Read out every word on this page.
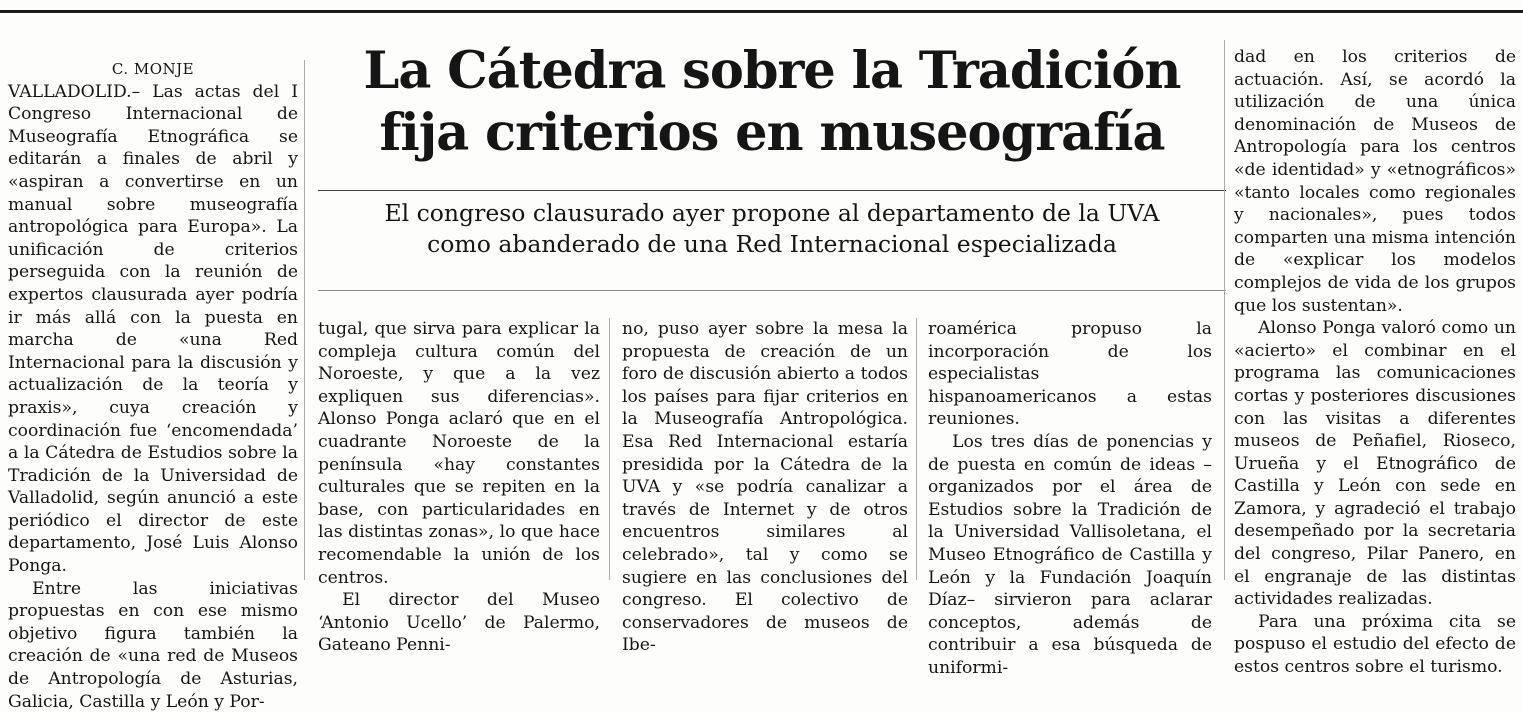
C. MONJE

VALLADOLID.– Las actas del I Congreso Internacional de Museografía Etnográfica se editarán a finales de abril y «aspiran a convertirse en un manual sobre museografía antropológica para Europa». La unificación de criterios perseguida con la reunión de expertos clausurada ayer podría ir más allá con la puesta en marcha de «una Red Internacional para la discusión y actualización de la teoría y praxis», cuya creación y coordinación fue ‘encomendada’ a la Cátedra de Estudios sobre la Tradición de la Universidad de Valladolid, según anunció a este periódico el director de este departamento, José Luis Alonso Ponga.

Entre las iniciativas propuestas en con ese mismo objetivo figura también la creación de «una red de Museos de Antropología de Asturias, Galicia, Castilla y León y Por-

La Cátedra sobre la Tradición
fija criterios en museografía
El congreso clausurado ayer propone al departamento de la UVA
como abanderado de una Red Internacional especializada

tugal, que sirva para explicar la compleja cultura común del Noroeste, y que a la vez expliquen sus diferencias». Alonso Ponga aclaró que en el cuadrante Noroeste de la península «hay constantes culturales que se repiten en la base, con particularidades en las distintas zonas», lo que hace recomendable la unión de los centros.

El director del Museo ‘Antonio Ucello’ de Palermo, Gateano Penni-

no, puso ayer sobre la mesa la propuesta de creación de un foro de discusión abierto a todos los países para fijar criterios en la Museografía Antropológica. Esa Red Internacional estaría presidida por la Cátedra de la UVA y «se podría canalizar a través de Internet y de otros encuentros similares al celebrado», tal y como se sugiere en las conclusiones del congreso. El colectivo de conservadores de museos de Ibe-

roamérica propuso la incorporación de los especialistas hispanoamericanos a estas reuniones.

Los tres días de ponencias y de puesta en común de ideas –organizados por el área de Estudios sobre la Tradición de la Universidad Vallisoletana, el Museo Etnográfico de Castilla y León y la Fundación Joaquín Díaz– sirvieron para aclarar conceptos, además de contribuir a esa búsqueda de uniformi-

dad en los criterios de actuación. Así, se acordó la utilización de una única denominación de Museos de Antropología para los centros «de identidad» y «etnográficos» «tanto locales como regionales y nacionales», pues todos comparten una misma intención de «explicar los modelos complejos de vida de los grupos que los sustentan».

Alonso Ponga valoró como un «acierto» el combinar en el programa las comunicaciones cortas y posteriores discusiones con las visitas a diferentes museos de Peñafiel, Rioseco, Urueña y el Etnográfico de Castilla y León con sede en Zamora, y agradeció el trabajo desempeñado por la secretaria del congreso, Pilar Panero, en el engranaje de las distintas actividades realizadas.

Para una próxima cita se pospuso el estudio del efecto de estos centros sobre el turismo.
